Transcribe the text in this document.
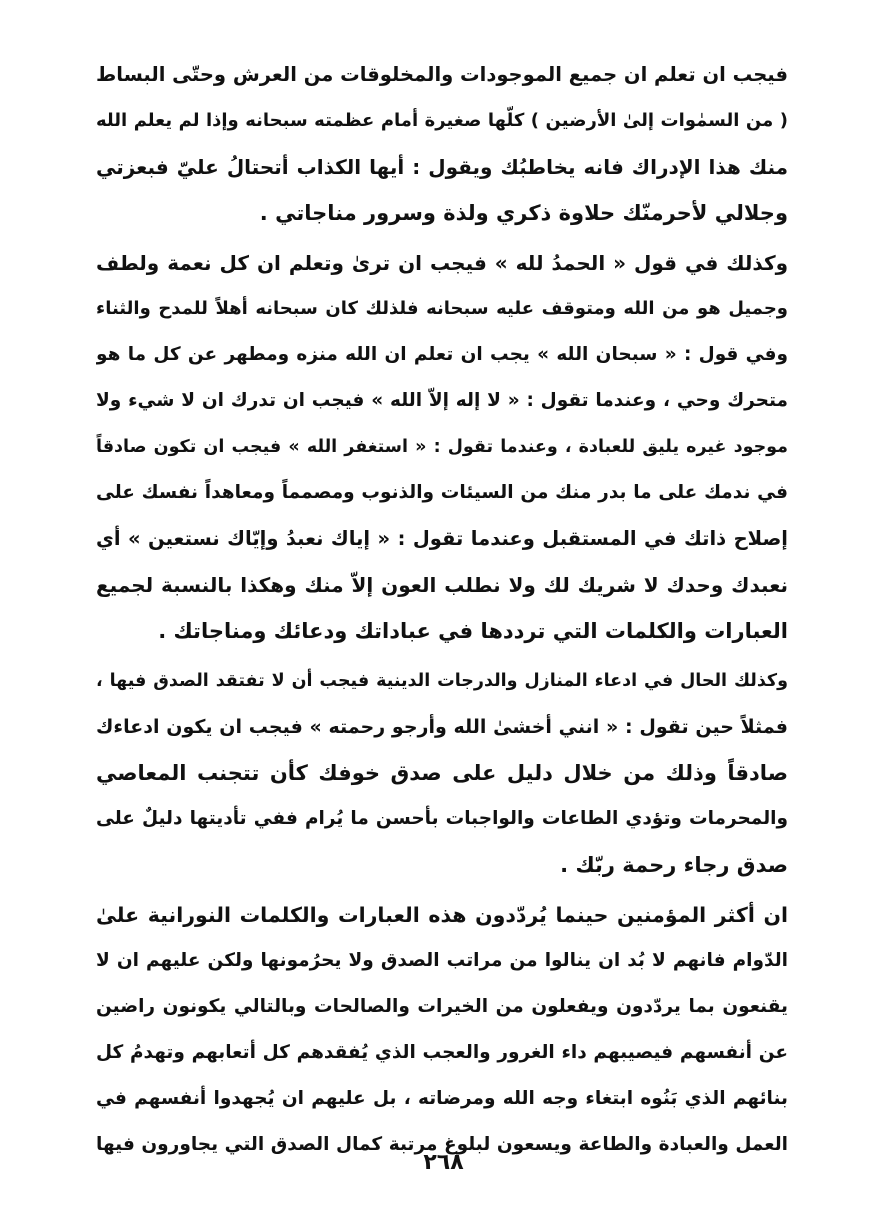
فيجب ان تعلم ان جميع الموجودات والمخلوقات من العرش وحتّى البساط
( من السمٰوات إلىٰ الأرضين ) كلّها صغيرة أمام عظمته سبحانه وإذا لم يعلم الله
منك هذا الإدراك فانه يخاطبُك ويقول : أيها الكذاب أتحتالُ عليّ فبعزتي
وجلالي لأحرمنّك حلاوة ذكري ولذة وسرور مناجاتي .
وكذلك في قول « الحمدُ لله » فيجب ان ترىٰ وتعلم ان كل نعمة ولطف
وجميل هو من الله ومتوقف عليه سبحانه فلذلك كان سبحانه أهلاً للمدح والثناء
وفي قول : « سبحان الله » يجب ان تعلم ان الله منزه ومطهر عن كل ما هو
متحرك وحي ، وعندما تقول : « لا إله إلاّ الله » فيجب ان تدرك ان لا شيء ولا
موجود غيره يليق للعبادة ، وعندما تقول : « استغفر الله » فيجب ان تكون صادقاً
في ندمك على ما بدر منك من السيئات والذنوب ومصمماً ومعاهداً نفسك على
إصلاح ذاتك في المستقبل وعندما تقول : « إياك نعبدُ وإيّاك نستعين » أي
نعبدك وحدك لا شريك لك ولا نطلب العون إلاّ منك وهكذا بالنسبة لجميع
العبارات والكلمات التي ترددها في عباداتك ودعائك ومناجاتك .
وكذلك الحال في ادعاء المنازل والدرجات الدينية فيجب أن لا تفتقد الصدق فيها ،
فمثلاً حين تقول : « انني أخشىٰ الله وأرجو رحمته » فيجب ان يكون ادعاءك
صادقاً وذلك من خلال دليل على صدق خوفك كأن تتجنب المعاصي
والمحرمات وتؤدي الطاعات والواجبات بأحسن ما يُرام ففي تأديتها دليلٌ على
صدق رجاء رحمة ربّك .
ان أكثر المؤمنين حينما يُردّدون هذه العبارات والكلمات النورانية علىٰ
الدّوام فانهم لا بُد ان ينالوا من مراتب الصدق ولا يحرُمونها ولكن عليهم ان لا
يقنعون بما يردّدون ويفعلون من الخيرات والصالحات وبالتالي يكونون راضين
عن أنفسهم فيصيبهم داء الغرور والعجب الذي يُفقدهم كل أتعابهم وتهدمُ كل
بنائهم الذي بَنُوه ابتغاء وجه الله ومرضاته ، بل عليهم ان يُجهدوا أنفسهم في
العمل والعبادة والطاعة ويسعون لبلوغ مرتبة كمال الصدق التي يجاورون فيها
٢٦٨
